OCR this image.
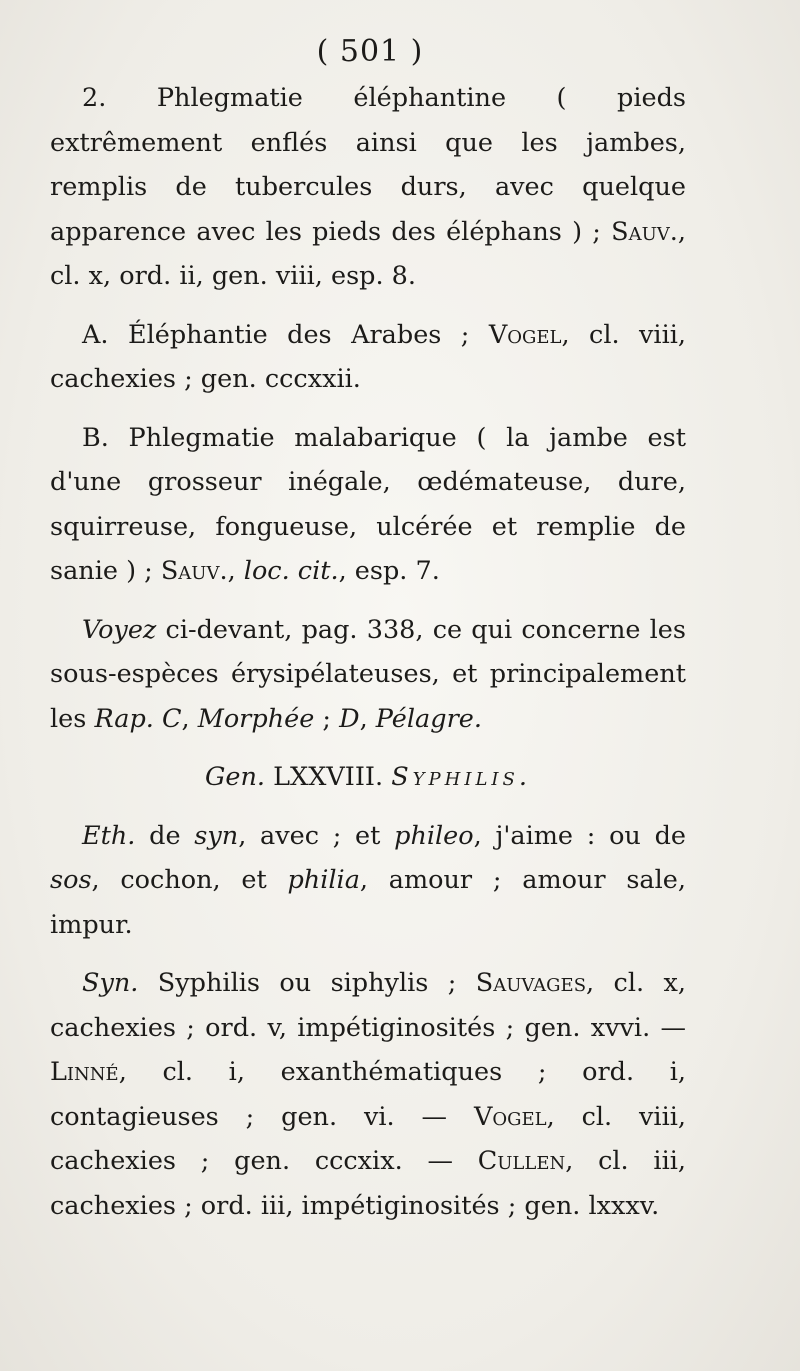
( 501 )

2. Phlegmatie éléphantine ( pieds extrêmement enflés ainsi que les jambes, remplis de tubercules durs, avec quelque apparence avec les pieds des éléphans ) ; Sauv., cl. x, ord. ii, gen. viii, esp. 8.

A. Éléphantie des Arabes ; Vogel, cl. viii, cachexies ; gen. cccxxii.

B. Phlegmatie malabarique ( la jambe est d'une grosseur inégale, œdémateuse, dure, squirreuse, fongueuse, ulcérée et remplie de sanie ) ; Sauv., loc. cit., esp. 7.

Voyez ci-devant, pag. 338, ce qui concerne les sous-espèces érysipélateuses, et principalement les Rap. C, Morphée ; D, Pélagre.

Gen. LXXVIII. Syphilis.

Eth. de syn, avec ; et phileo, j'aime : ou de sos, cochon, et philia, amour ; amour sale, impur.

Syn. Syphilis ou siphylis ; Sauvages, cl. x, cachexies ; ord. v, impétiginosités ; gen. xvvi. — Linné, cl. i, exanthématiques ; ord. i, contagieuses ; gen. vi. — Vogel, cl. viii, cachexies ; gen. cccxix. — Cullen, cl. iii, cachexies ; ord. iii, impétiginosités ; gen. lxxxv.
